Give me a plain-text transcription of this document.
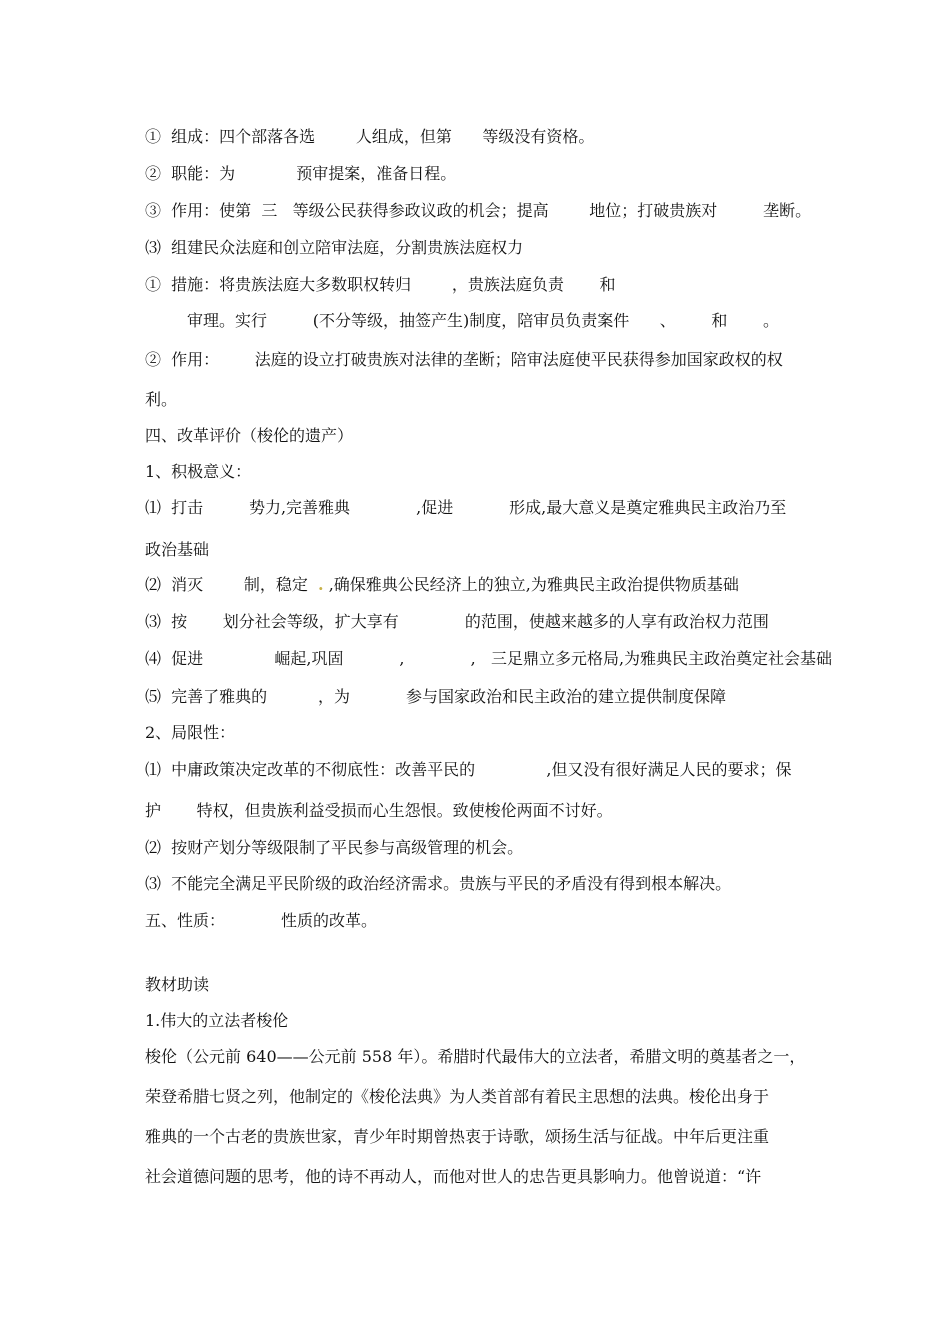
①  组成：四个部落各选        人组成，但第      等级没有资格。
②  职能：为            预审提案，准备日程。
③  作用：使第  三   等级公民获得参政议政的机会；提高        地位；打破贵族对         垄断。
⑶  组建民众法庭和创立陪审法庭，分割贵族法庭权力
①  措施：将贵族法庭大多数职权转归        ，贵族法庭负责       和
审理。实行         (不分等级，抽签产生)制度，陪审员负责案件      、       和       。
②  作用：       法庭的设立打破贵族对法律的垄断；陪审法庭使平民获得参加国家政权的权
利。
四、改革评价（梭伦的遗产）
1、积极意义：
⑴  打击         势力,完善雅典             ,促进           形成,最大意义是奠定雅典民主政治乃至
政治基础
⑵  消灭        制，稳定 . ,确保雅典公民经济上的独立,为雅典民主政治提供物质基础
⑶  按       划分社会等级，扩大享有             的范围，使越来越多的人享有政治权力范围
⑷  促进              崛起,巩固           ,             ,   三足鼎立多元格局,为雅典民主政治奠定社会基础
⑸  完善了雅典的          ，为           参与国家政治和民主政治的建立提供制度保障
2、局限性：
⑴  中庸政策决定改革的不彻底性：改善平民的              ,但又没有很好满足人民的要求；保
护       特权，但贵族利益受损而心生怨恨。致使梭伦两面不讨好。
⑵  按财产划分等级限制了平民参与高级管理的机会。
⑶  不能完全满足平民阶级的政治经济需求。贵族与平民的矛盾没有得到根本解决。
五、性质：           性质的改革。
教材助读
1.伟大的立法者梭伦
梭伦（公元前 640——公元前 558 年）。希腊时代最伟大的立法者，希腊文明的奠基者之一，
荣登希腊七贤之列，他制定的《梭伦法典》为人类首部有着民主思想的法典。梭伦出身于
雅典的一个古老的贵族世家，青少年时期曾热衷于诗歌，颂扬生活与征战。中年后更注重
社会道德问题的思考，他的诗不再动人，而他对世人的忠告更具影响力。他曾说道：“许
